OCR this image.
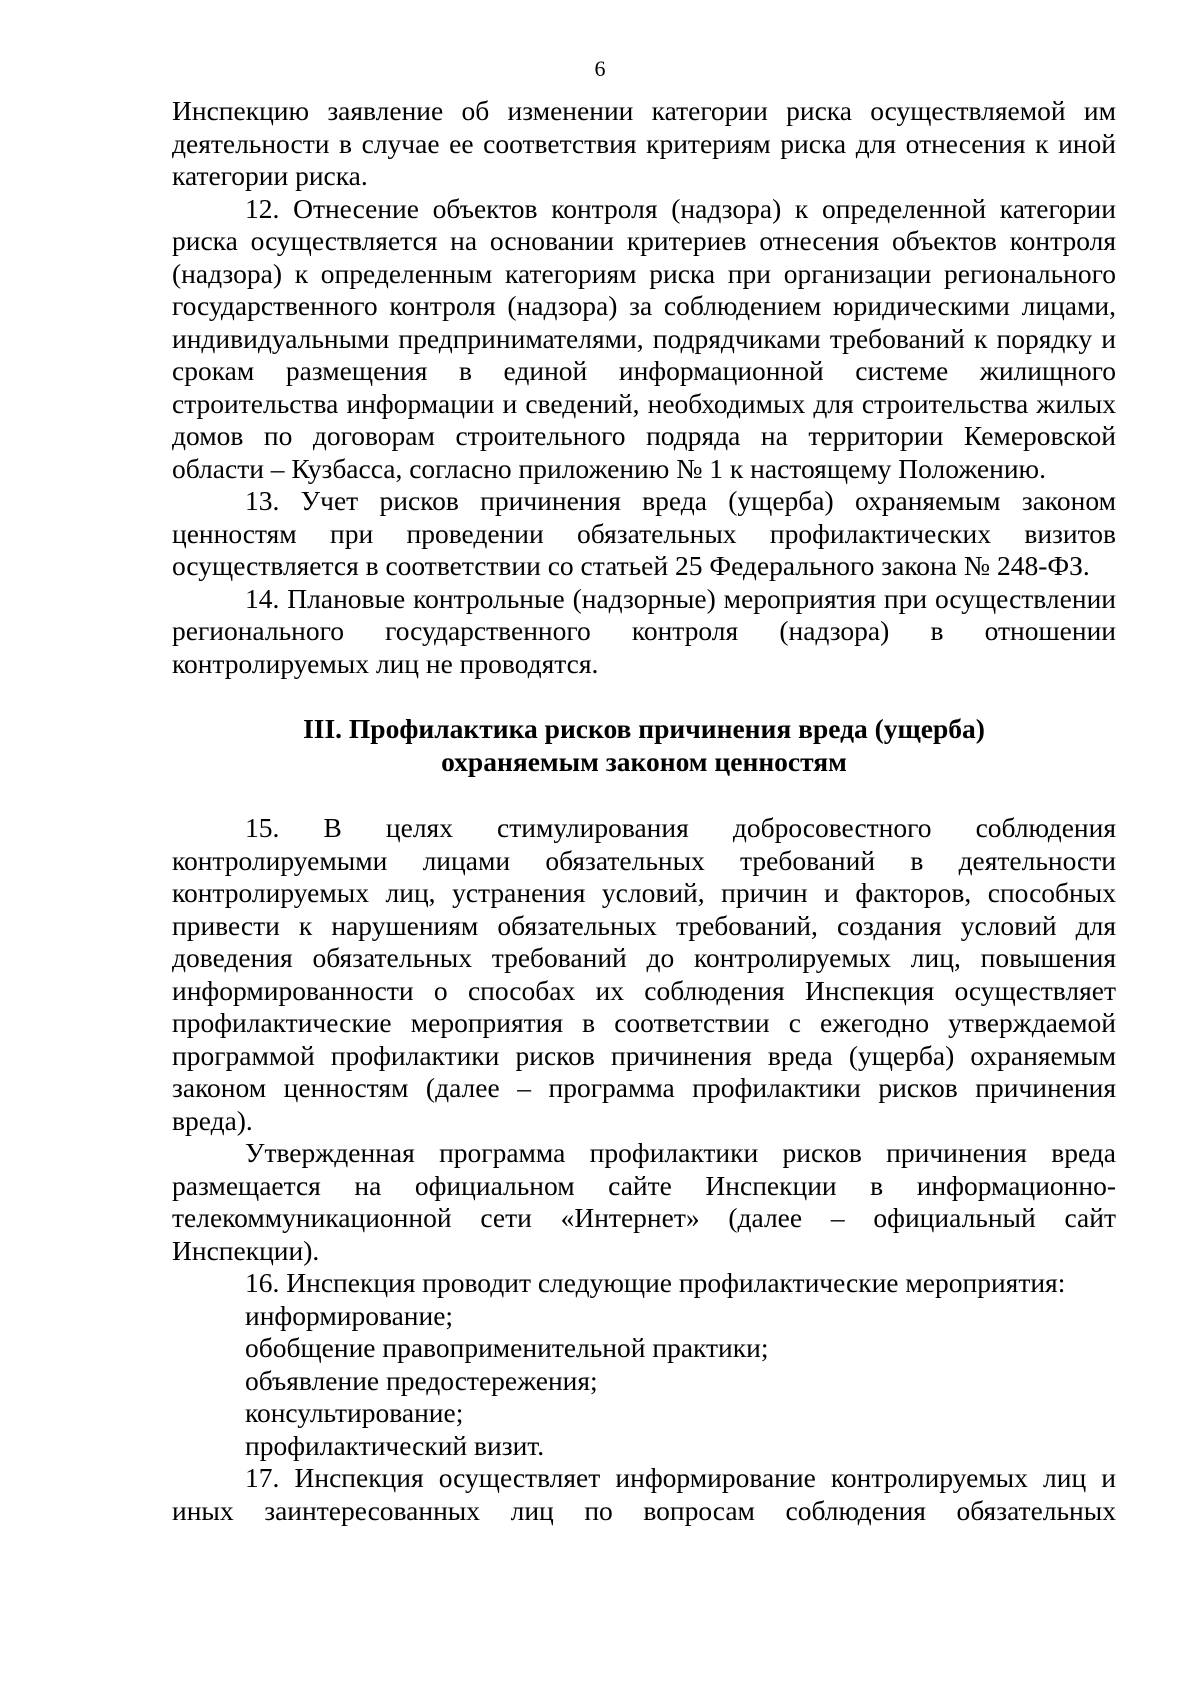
6

Инспекцию заявление об изменении категории риска осуществляемой им деятельности в случае ее соответствия критериям риска для отнесения к иной категории риска.

12. Отнесение объектов контроля (надзора) к определенной категории риска осуществляется на основании критериев отнесения объектов контроля (надзора) к определенным категориям риска при организации регионального государственного контроля (надзора) за соблюдением юридическими лицами, индивидуальными предпринимателями, подрядчиками требований к порядку и срокам размещения в единой информационной системе жилищного строительства информации и сведений, необходимых для строительства жилых домов по договорам строительного подряда на территории Кемеровской области – Кузбасса, согласно приложению № 1 к настоящему Положению.

13. Учет рисков причинения вреда (ущерба) охраняемым законом ценностям при проведении обязательных профилактических визитов осуществляется в соответствии со статьей 25 Федерального закона № 248-ФЗ.

14. Плановые контрольные (надзорные) мероприятия при осуществлении регионального государственного контроля (надзора) в отношении контролируемых лиц не проводятся.

III. Профилактика рисков причинения вреда (ущерба)
охраняемым законом ценностям

15. В целях стимулирования добросовестного соблюдения контролируемыми лицами обязательных требований в деятельности контролируемых лиц, устранения условий, причин и факторов, способных привести к нарушениям обязательных требований, создания условий для доведения обязательных требований до контролируемых лиц, повышения информированности о способах их соблюдения Инспекция осуществляет профилактические мероприятия в соответствии с ежегодно утверждаемой программой профилактики рисков причинения вреда (ущерба) охраняемым законом ценностям (далее – программа профилактики рисков причинения вреда).

Утвержденная программа профилактики рисков причинения вреда размещается на официальном сайте Инспекции в информационно-телекоммуникационной сети «Интернет» (далее – официальный сайт Инспекции).

16. Инспекция проводит следующие профилактические мероприятия:

информирование;

обобщение правоприменительной практики;

объявление предостережения;

консультирование;

профилактический визит.

17. Инспекция осуществляет информирование контролируемых лиц и иных заинтересованных лиц по вопросам соблюдения обязательных
